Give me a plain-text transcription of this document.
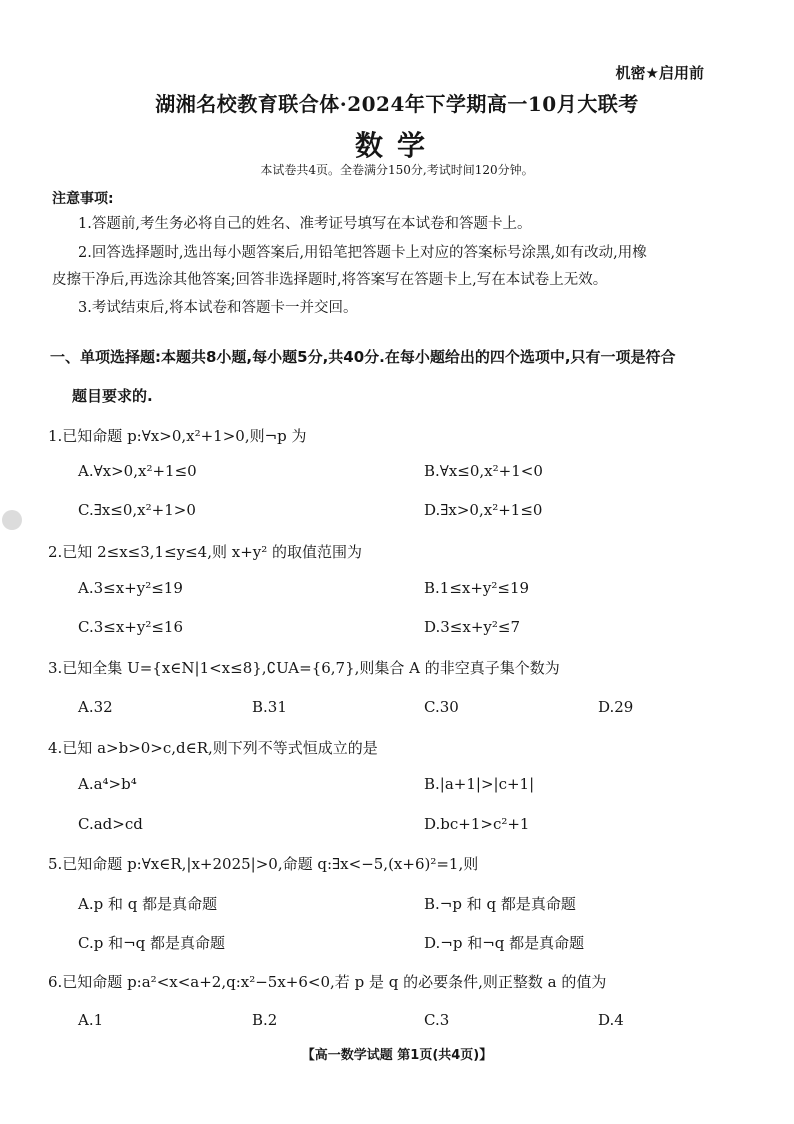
机密★启用前
湖湘名校教育联合体·2024年下学期高一10月大联考
数学
本试卷共4页。全卷满分150分,考试时间120分钟。
注意事项:
1.答题前,考生务必将自己的姓名、准考证号填写在本试卷和答题卡上。
2.回答选择题时,选出每小题答案后,用铅笔把答题卡上对应的答案标号涂黑,如有改动,用橡
皮擦干净后,再选涂其他答案;回答非选择题时,将答案写在答题卡上,写在本试卷上无效。
3.考试结束后,将本试卷和答题卡一并交回。
一、单项选择题:本题共8小题,每小题5分,共40分.在每小题给出的四个选项中,只有一项是符合
题目要求的.
1.已知命题 p:∀x>0,x²+1>0,则¬p 为
A.∀x>0,x²+1≤0	B.∀x≤0,x²+1<0
C.∃x≤0,x²+1>0	D.∃x>0,x²+1≤0
2.已知 2≤x≤3,1≤y≤4,则 x+y² 的取值范围为
A.3≤x+y²≤19	B.1≤x+y²≤19
C.3≤x+y²≤16	D.3≤x+y²≤7
3.已知全集 U={x∈N|1<x≤8},∁UA={6,7},则集合 A 的非空真子集个数为
A.32	B.31	C.30	D.29
4.已知 a>b>0>c,d∈R,则下列不等式恒成立的是
A.a⁴>b⁴	B.|a+1|>|c+1|
C.ad>cd	D.bc+1>c²+1
5.已知命题 p:∀x∈R,|x+2025|>0,命题 q:∃x<−5,(x+6)²=1,则
A.p 和 q 都是真命题	B.¬p 和 q 都是真命题
C.p 和¬q 都是真命题	D.¬p 和¬q 都是真命题
6.已知命题 p:a²<x<a+2,q:x²−5x+6<0,若 p 是 q 的必要条件,则正整数 a 的值为
A.1	B.2	C.3	D.4
【高一数学试题 第1页(共4页)】
